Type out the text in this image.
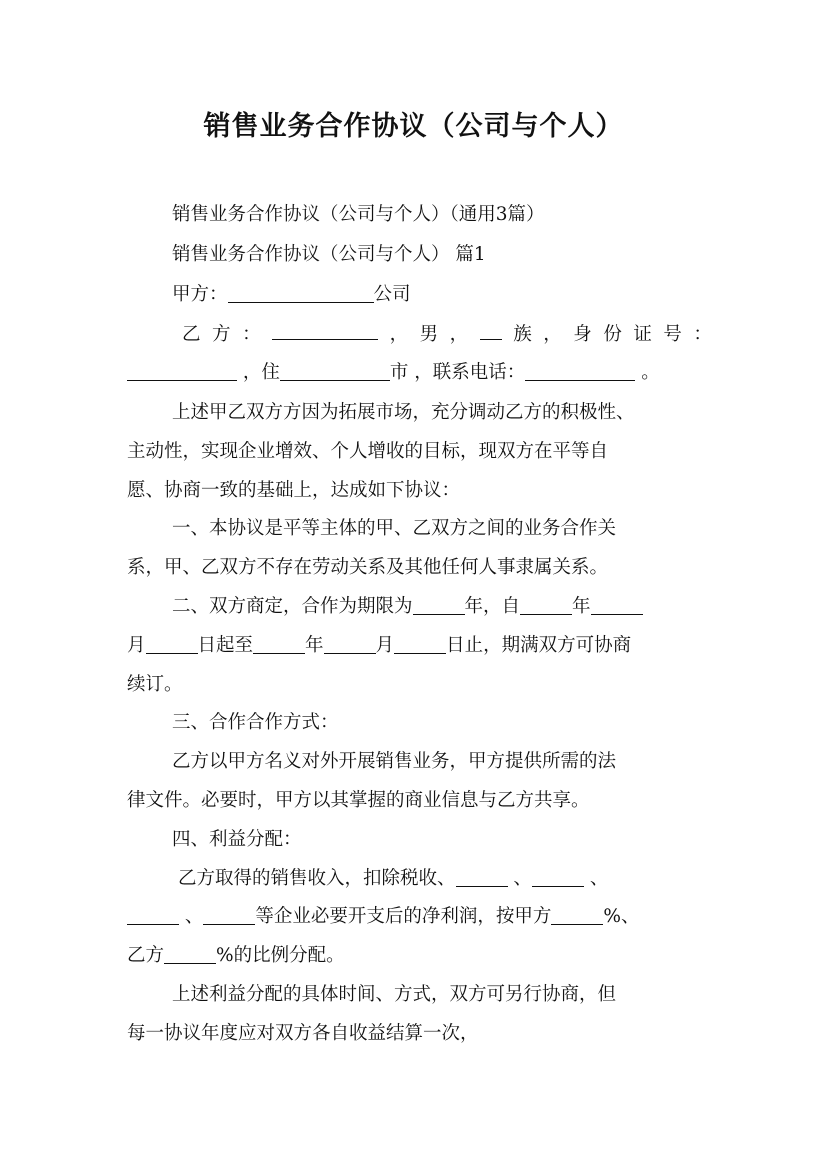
销售业务合作协议（公司与个人）
销售业务合作协议（公司与个人）（通用3篇）
销售业务合作协议（公司与个人） 篇1
甲方：	公司
乙 方 ：	， 男 ， 族 ， 身 份 证 号 ：
，住	市 ，联系电话：	。
上述甲乙双方方因为拓展市场，充分调动乙方的积极性、
主动性，实现企业增效、个人增收的目标，现双方在平等自
愿、协商一致的基础上，达成如下协议：
一、本协议是平等主体的甲、乙双方之间的业务合作关
系，甲、乙双方不存在劳动关系及其他任何人事隶属关系。
二、双方商定，合作为期限为	年，自	年
月	日起至	年	月	日止，期满双方可协商
续订。
三、合作合作方式：
乙方以甲方名义对外开展销售业务，甲方提供所需的法
律文件。必要时，甲方以其掌握的商业信息与乙方共享。
四、利益分配：
乙方取得的销售收入，扣除税收、	、	、
、	等企业必要开支后的净利润，按甲方	%、
乙方	%的比例分配。
上述利益分配的具体时间、方式，双方可另行协商，但
每一协议年度应对双方各自收益结算一次，
